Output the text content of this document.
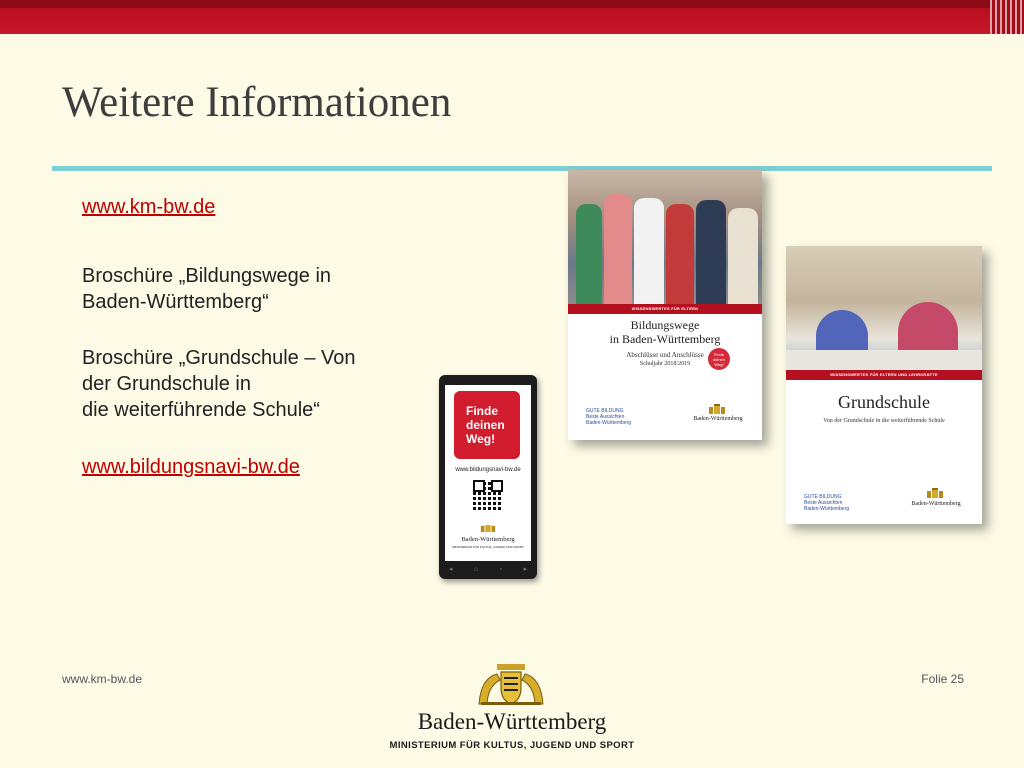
Weitere Informationen
www.km-bw.de
Broschüre „Bildungswege in
Baden-Württemberg“
Broschüre „Grundschule – Von
der Grundschule in
die weiterführende Schule“
www.bildungsnavi-bw.de
WISSENSWERTES FÜR ELTERN
Bildungswege
in Baden-Württemberg
Abschlüsse und Anschlüsse
Schuljahr 2018/2019
Finde deinen Weg!
GUTE BILDUNG
Beste Aussichten
Baden-Württemberg
Baden-Württemberg
WISSENSWERTES FÜR ELTERN UND LEHRKRÄFTE
Grundschule
Von der Grundschule in die weiterführende Schule
GUTE BILDUNG
Beste Aussichten
Baden-Württemberg
Baden-Württemberg
Finde
deinen
Weg!
www.bildungsnavi-bw.de
Baden-Württemberg
MINISTERIUM FÜR KULTUS, JUGEND UND SPORT
◂	⌂	▫	▸
www.km-bw.de	Folie 25
Baden-Württemberg
MINISTERIUM FÜR KULTUS, JUGEND UND SPORT
